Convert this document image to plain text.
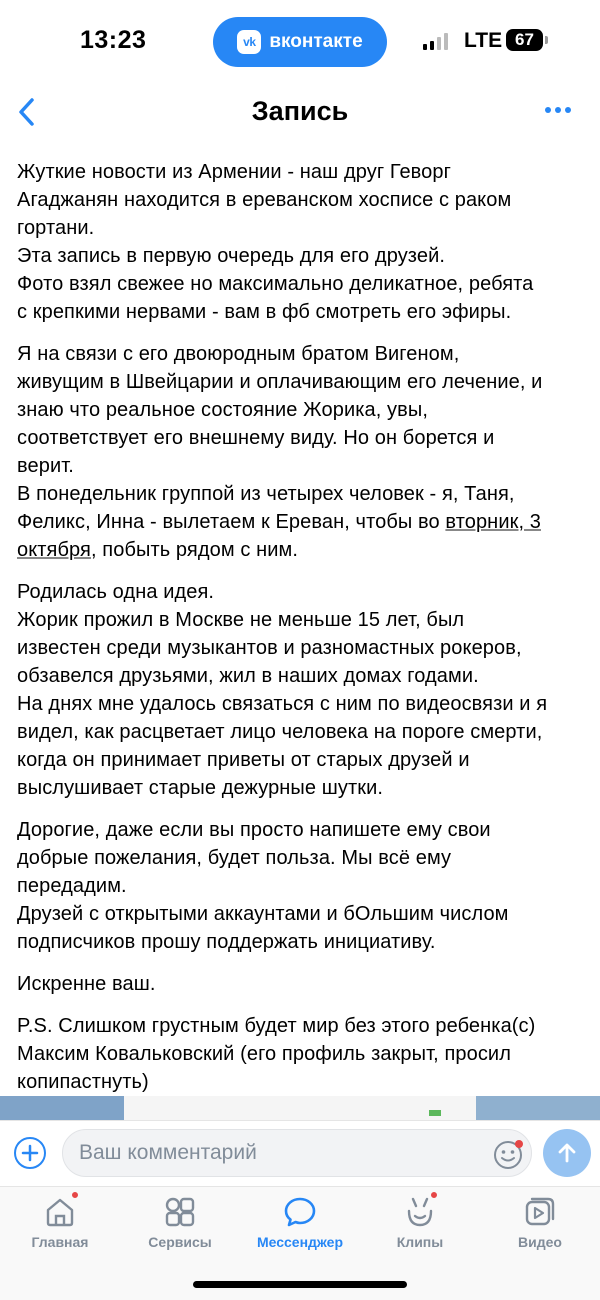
13:23	vk вконтакте	LTE 67
Запись

Жуткие новости из Армении - наш друг Геворг
Агаджанян находится в ереванском хосписе с раком
гортани.
Эта запись в первую очередь для его друзей.
Фото взял свежее но максимально деликатное, ребята
с крепкими нервами - вам в фб смотреть его эфиры.

Я на связи с его двоюродным братом Вигеном,
живущим в Швейцарии и оплачивающим его лечение, и
знаю что реальное состояние Жорика, увы,
соответствует его внешнему виду. Но он борется и
верит.
В понедельник группой из четырех человек - я, Таня,
Феликс, Инна - вылетаем к Ереван, чтобы во вторник, 3
октября, побыть рядом с ним.

Родилась одна идея.
Жорик прожил в Москве не меньше 15 лет, был
известен среди музыкантов и разномастных рокеров,
обзавелся друзьями, жил в наших домах годами.
На днях мне удалось связаться с ним по видеосвязи и я
видел, как расцветает лицо человека на пороге смерти,
когда он принимает приветы от старых друзей и
выслушивает старые дежурные шутки.

Дорогие, даже если вы просто напишете ему свои
добрые пожелания, будет польза. Мы всё ему
передадим.
Друзей с открытыми аккаунтами и бОльшим числом
подписчиков прошу поддержать инициативу.

Искренне ваш.

P.S. Слишком грустным будет мир без этого ребенка(с)
Максим Ковальковский (его профиль закрыт, просил
копипастнуть)

Ваш комментарий
Главная	Сервисы	Мессенджер	Клипы	Видео
